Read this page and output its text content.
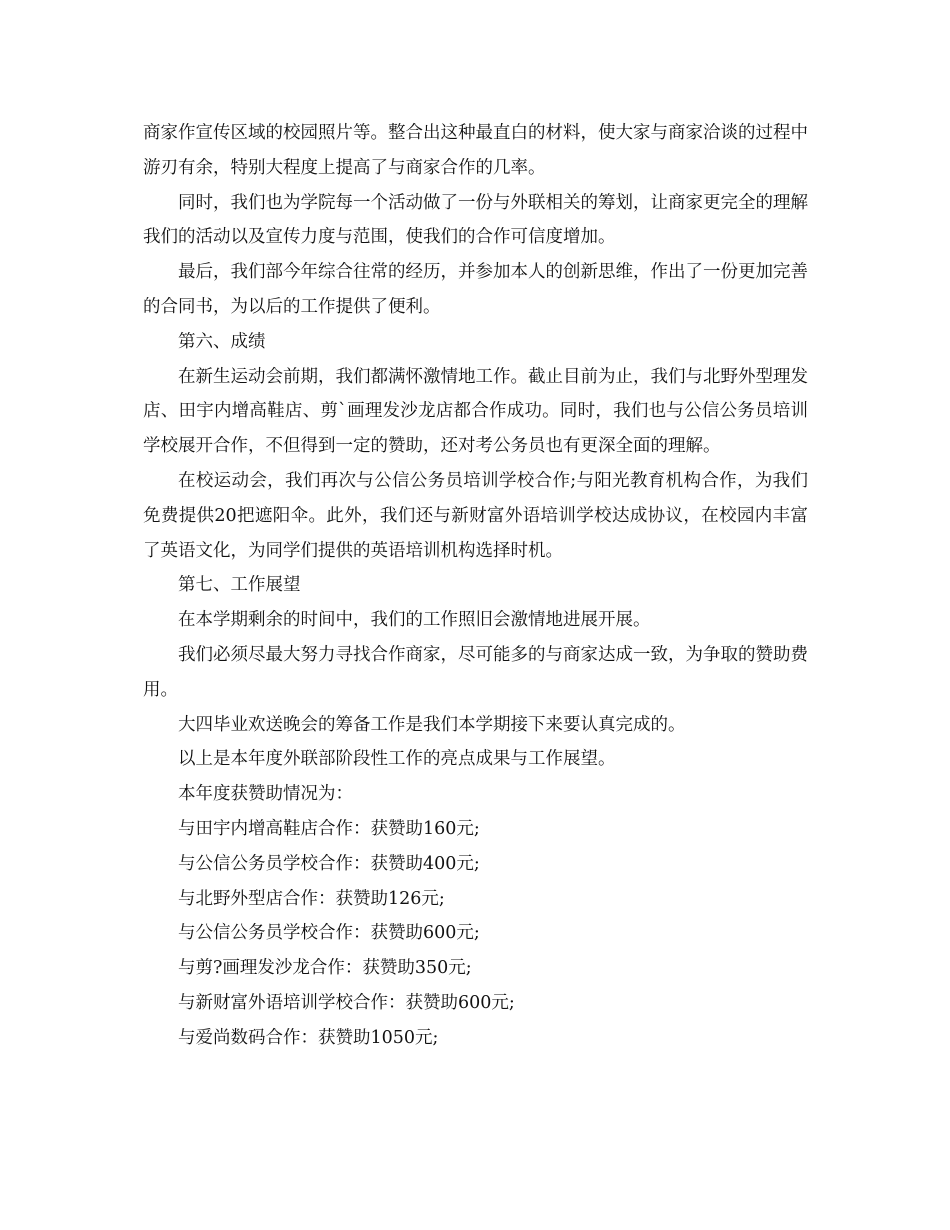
商家作宣传区域的校园照片等。整合出这种最直白的材料，使大家与商家洽谈的过程中游刃有余，特别大程度上提高了与商家合作的几率。

同时，我们也为学院每一个活动做了一份与外联相关的筹划，让商家更完全的理解我们的活动以及宣传力度与范围，使我们的合作可信度增加。

最后，我们部今年综合往常的经历，并参加本人的创新思维，作出了一份更加完善的合同书，为以后的工作提供了便利。

第六、成绩

在新生运动会前期，我们都满怀激情地工作。截止目前为止，我们与北野外型理发店、田宇内增高鞋店、剪`画理发沙龙店都合作成功。同时，我们也与公信公务员培训学校展开合作，不但得到一定的赞助，还对考公务员也有更深全面的理解。

在校运动会，我们再次与公信公务员培训学校合作;与阳光教育机构合作，为我们免费提供20把遮阳伞。此外，我们还与新财富外语培训学校达成协议，在校园内丰富了英语文化，为同学们提供的英语培训机构选择时机。

第七、工作展望

在本学期剩余的时间中，我们的工作照旧会激情地进展开展。

我们必须尽最大努力寻找合作商家，尽可能多的与商家达成一致，为争取的赞助费用。

大四毕业欢送晚会的筹备工作是我们本学期接下来要认真完成的。

以上是本年度外联部阶段性工作的亮点成果与工作展望。

本年度获赞助情况为：

与田宇内增高鞋店合作：获赞助160元;

与公信公务员学校合作：获赞助400元;

与北野外型店合作：获赞助126元;

与公信公务员学校合作：获赞助600元;

与剪?画理发沙龙合作：获赞助350元;

与新财富外语培训学校合作：获赞助600元;

与爱尚数码合作：获赞助1050元;
